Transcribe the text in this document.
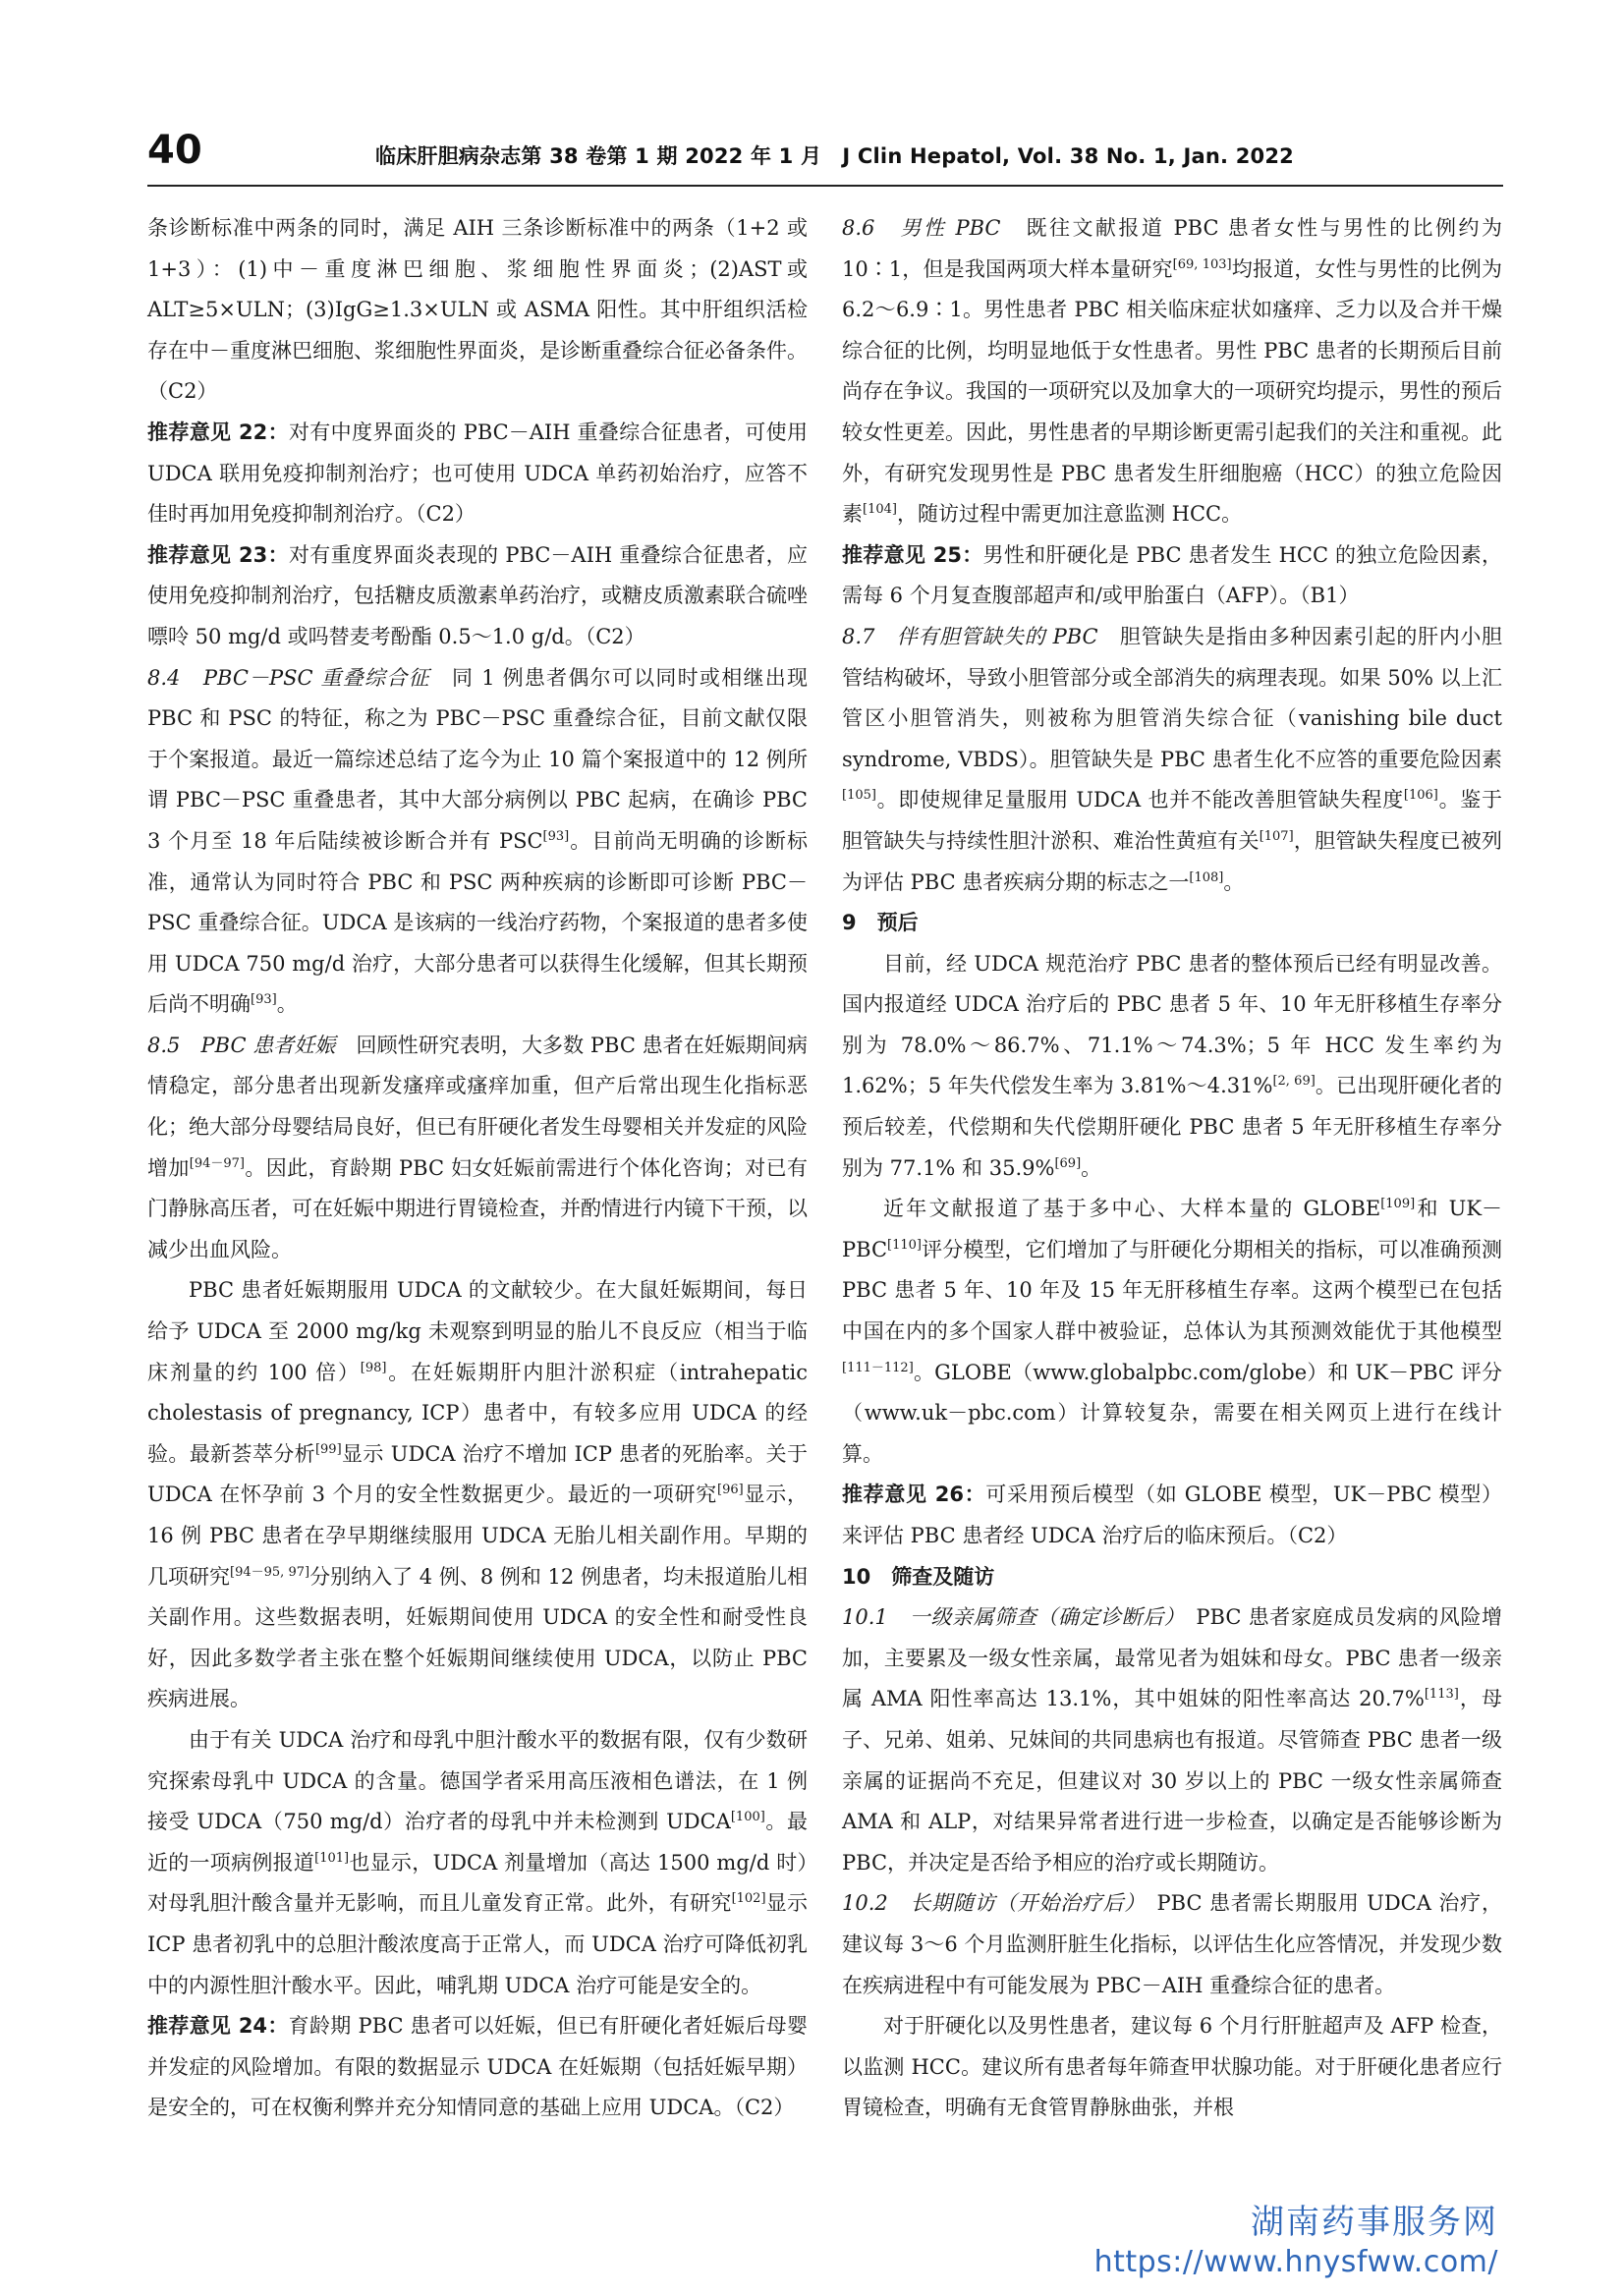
40	临床肝胆病杂志第 38 卷第 1 期 2022 年 1 月　J Clin Hepatol, Vol. 38 No. 1, Jan. 2022

条诊断标准中两条的同时，满足 AIH 三条诊断标准中的两条（1+2 或 1+3）：(1)中－重度淋巴细胞、浆细胞性界面炎；(2)AST或 ALT≥5×ULN；(3)IgG≥1.3×ULN 或 ASMA 阳性。其中肝组织活检存在中－重度淋巴细胞、浆细胞性界面炎，是诊断重叠综合征必备条件。（C2）

推荐意见 22：对有中度界面炎的 PBC－AIH 重叠综合征患者，可使用 UDCA 联用免疫抑制剂治疗；也可使用 UDCA 单药初始治疗，应答不佳时再加用免疫抑制剂治疗。（C2）

推荐意见 23：对有重度界面炎表现的 PBC－AIH 重叠综合征患者，应使用免疫抑制剂治疗，包括糖皮质激素单药治疗，或糖皮质激素联合硫唑嘌呤 50 mg/d 或吗替麦考酚酯 0.5～1.0 g/d。（C2）

8.4　PBC－PSC 重叠综合征　同 1 例患者偶尔可以同时或相继出现 PBC 和 PSC 的特征，称之为 PBC－PSC 重叠综合征，目前文献仅限于个案报道。最近一篇综述总结了迄今为止 10 篇个案报道中的 12 例所谓 PBC－PSC 重叠患者，其中大部分病例以 PBC 起病，在确诊 PBC 3 个月至 18 年后陆续被诊断合并有 PSC[93]。目前尚无明确的诊断标准，通常认为同时符合 PBC 和 PSC 两种疾病的诊断即可诊断 PBC－PSC 重叠综合征。UDCA 是该病的一线治疗药物，个案报道的患者多使用 UDCA 750 mg/d 治疗，大部分患者可以获得生化缓解，但其长期预后尚不明确[93]。

8.5　PBC 患者妊娠　回顾性研究表明，大多数 PBC 患者在妊娠期间病情稳定，部分患者出现新发瘙痒或瘙痒加重，但产后常出现生化指标恶化；绝大部分母婴结局良好，但已有肝硬化者发生母婴相关并发症的风险增加[94－97]。因此，育龄期 PBC 妇女妊娠前需进行个体化咨询；对已有门静脉高压者，可在妊娠中期进行胃镜检查，并酌情进行内镜下干预，以减少出血风险。

PBC 患者妊娠期服用 UDCA 的文献较少。在大鼠妊娠期间，每日给予 UDCA 至 2000 mg/kg 未观察到明显的胎儿不良反应（相当于临床剂量的约 100 倍）[98]。在妊娠期肝内胆汁淤积症（intrahepatic cholestasis of pregnancy, ICP）患者中，有较多应用 UDCA 的经验。最新荟萃分析[99]显示 UDCA 治疗不增加 ICP 患者的死胎率。关于 UDCA 在怀孕前 3 个月的安全性数据更少。最近的一项研究[96]显示，16 例 PBC 患者在孕早期继续服用 UDCA 无胎儿相关副作用。早期的几项研究[94－95, 97]分别纳入了 4 例、8 例和 12 例患者，均未报道胎儿相关副作用。这些数据表明，妊娠期间使用 UDCA 的安全性和耐受性良好，因此多数学者主张在整个妊娠期间继续使用 UDCA，以防止 PBC 疾病进展。

由于有关 UDCA 治疗和母乳中胆汁酸水平的数据有限，仅有少数研究探索母乳中 UDCA 的含量。德国学者采用高压液相色谱法，在 1 例接受 UDCA（750 mg/d）治疗者的母乳中并未检测到 UDCA[100]。最近的一项病例报道[101]也显示，UDCA 剂量增加（高达 1500 mg/d 时）对母乳胆汁酸含量并无影响，而且儿童发育正常。此外，有研究[102]显示 ICP 患者初乳中的总胆汁酸浓度高于正常人，而 UDCA 治疗可降低初乳中的内源性胆汁酸水平。因此，哺乳期 UDCA 治疗可能是安全的。

推荐意见 24：育龄期 PBC 患者可以妊娠，但已有肝硬化者妊娠后母婴并发症的风险增加。有限的数据显示 UDCA 在妊娠期（包括妊娠早期）是安全的，可在权衡利弊并充分知情同意的基础上应用 UDCA。（C2）

8.6　男性 PBC　既往文献报道 PBC 患者女性与男性的比例约为 10∶1，但是我国两项大样本量研究[69, 103]均报道，女性与男性的比例为 6.2～6.9∶1。男性患者 PBC 相关临床症状如瘙痒、乏力以及合并干燥综合征的比例，均明显地低于女性患者。男性 PBC 患者的长期预后目前尚存在争议。我国的一项研究以及加拿大的一项研究均提示，男性的预后较女性更差。因此，男性患者的早期诊断更需引起我们的关注和重视。此外，有研究发现男性是 PBC 患者发生肝细胞癌（HCC）的独立危险因素[104]，随访过程中需更加注意监测 HCC。

推荐意见 25：男性和肝硬化是 PBC 患者发生 HCC 的独立危险因素，需每 6 个月复查腹部超声和/或甲胎蛋白（AFP）。（B1）

8.7　伴有胆管缺失的 PBC　胆管缺失是指由多种因素引起的肝内小胆管结构破坏，导致小胆管部分或全部消失的病理表现。如果 50% 以上汇管区小胆管消失，则被称为胆管消失综合征（vanishing bile duct syndrome, VBDS）。胆管缺失是 PBC 患者生化不应答的重要危险因素[105]。即使规律足量服用 UDCA 也并不能改善胆管缺失程度[106]。鉴于胆管缺失与持续性胆汁淤积、难治性黄疸有关[107]，胆管缺失程度已被列为评估 PBC 患者疾病分期的标志之一[108]。

9　预后

目前，经 UDCA 规范治疗 PBC 患者的整体预后已经有明显改善。国内报道经 UDCA 治疗后的 PBC 患者 5 年、10 年无肝移植生存率分别为 78.0%～86.7%、71.1%～74.3%；5 年 HCC 发生率约为 1.62%；5 年失代偿发生率为 3.81%～4.31%[2, 69]。已出现肝硬化者的预后较差，代偿期和失代偿期肝硬化 PBC 患者 5 年无肝移植生存率分别为 77.1% 和 35.9%[69]。

近年文献报道了基于多中心、大样本量的 GLOBE[109]和 UK－PBC[110]评分模型，它们增加了与肝硬化分期相关的指标，可以准确预测 PBC 患者 5 年、10 年及 15 年无肝移植生存率。这两个模型已在包括中国在内的多个国家人群中被验证，总体认为其预测效能优于其他模型[111－112]。GLOBE（www.globalpbc.com/globe）和 UK－PBC 评分（www.uk－pbc.com）计算较复杂，需要在相关网页上进行在线计算。

推荐意见 26：可采用预后模型（如 GLOBE 模型，UK－PBC 模型）来评估 PBC 患者经 UDCA 治疗后的临床预后。（C2）

10　筛查及随访

10.1　一级亲属筛查（确定诊断后）　PBC 患者家庭成员发病的风险增加，主要累及一级女性亲属，最常见者为姐妹和母女。PBC 患者一级亲属 AMA 阳性率高达 13.1%，其中姐妹的阳性率高达 20.7%[113]，母子、兄弟、姐弟、兄妹间的共同患病也有报道。尽管筛查 PBC 患者一级亲属的证据尚不充足，但建议对 30 岁以上的 PBC 一级女性亲属筛查 AMA 和 ALP，对结果异常者进行进一步检查，以确定是否能够诊断为 PBC，并决定是否给予相应的治疗或长期随访。

10.2　长期随访（开始治疗后）　PBC 患者需长期服用 UDCA 治疗，建议每 3～6 个月监测肝脏生化指标，以评估生化应答情况，并发现少数在疾病进程中有可能发展为 PBC－AIH 重叠综合征的患者。

对于肝硬化以及男性患者，建议每 6 个月行肝脏超声及 AFP 检查，以监测 HCC。建议所有患者每年筛查甲状腺功能。对于肝硬化患者应行胃镜检查，明确有无食管胃静脉曲张，并根

湖南药事服务网
https://www.hnysfww.com/
